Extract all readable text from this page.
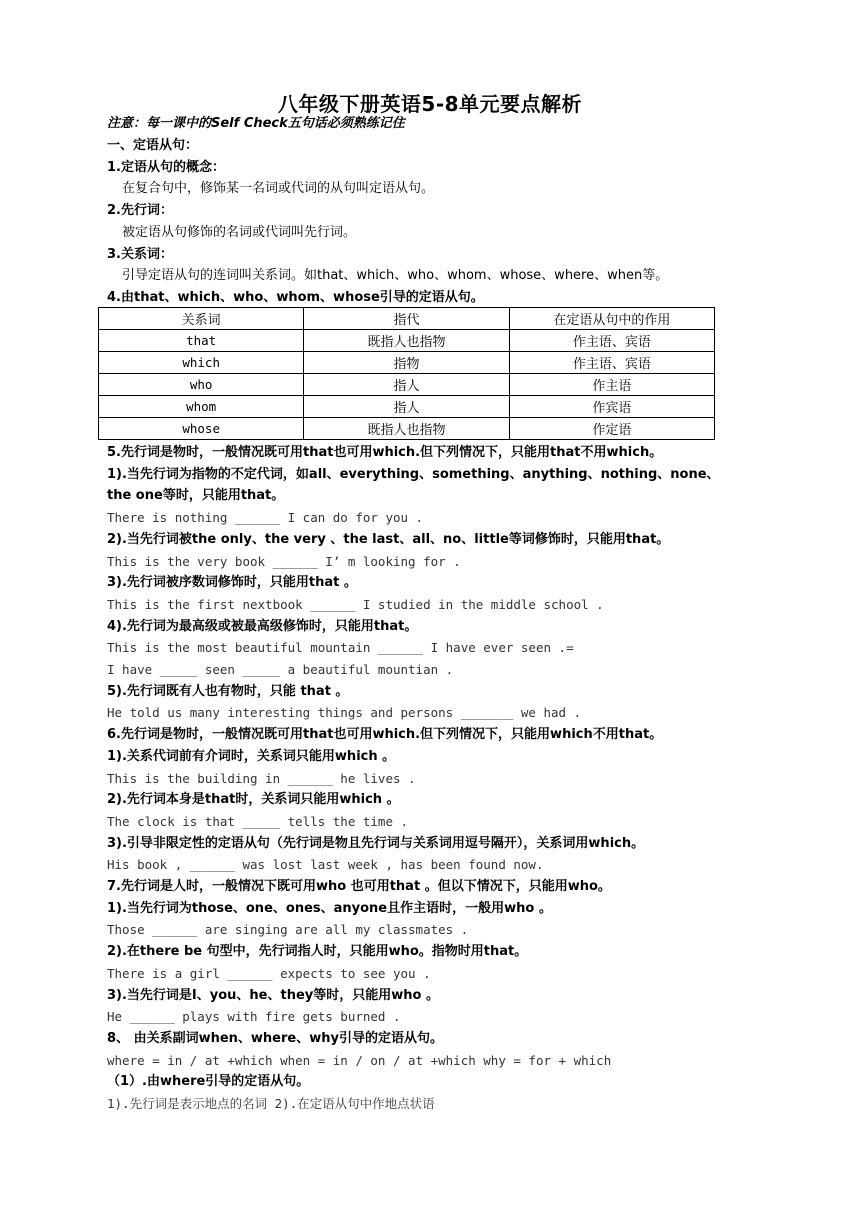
八年级下册英语5-8单元要点解析
注意：每一课中的Self Check五句话必须熟练记住
一、定语从句：
1.定语从句的概念：
在复合句中，修饰某一名词或代词的从句叫定语从句。
2.先行词：
被定语从句修饰的名词或代词叫先行词。
3.关系词：
引导定语从句的连词叫关系词。如that、which、who、whom、whose、where、when等。
4.由that、which、who、whom、whose引导的定语从句。
关系词	指代	在定语从句中的作用
that	既指人也指物	作主语、宾语
which	指物	作主语、宾语
who	指人	作主语
whom	指人	作宾语
whose	既指人也指物	作定语
5.先行词是物时，一般情况既可用that也可用which.但下列情况下，只能用that不用which。
1).当先行词为指物的不定代词，如all、everything、something、anything、nothing、none、
the one等时，只能用that。
There is nothing ______ I can do for you .
2).当先行词被the only、the very 、the last、all、no、little等词修饰时，只能用that。
This is the very book ______ I’ m looking for .
3).先行词被序数词修饰时，只能用that 。
This is the first nextbook ______ I studied in the middle school .
4).先行词为最高级或被最高级修饰时，只能用that。
This is the most beautiful mountain ______ I have ever seen .=
I have _____ seen _____ a beautiful mountian .
5).先行词既有人也有物时，只能 that 。
He told us many interesting things and persons _______ we had .
6.先行词是物时，一般情况既可用that也可用which.但下列情况下，只能用which不用that。
1).关系代词前有介词时，关系词只能用which 。
This is the building in ______ he lives .
2).先行词本身是that时，关系词只能用which 。
The clock is that _____ tells the time .
3).引导非限定性的定语从句（先行词是物且先行词与关系词用逗号隔开），关系词用which。
His book , ______ was lost last week , has been found now.
7.先行词是人时，一般情况下既可用who 也可用that 。但以下情况下，只能用who。
1).当先行词为those、one、ones、anyone且作主语时，一般用who 。
Those ______ are singing are all my classmates .
2).在there be 句型中，先行词指人时，只能用who。指物时用that。
There is a girl ______ expects to see you .
3).当先行词是I、you、he、they等时，只能用who 。
He ______ plays with fire gets burned .
8、 由关系副词when、where、why引导的定语从句。
where = in / at +which when = in / on / at +which why = for + which
（1）.由where引导的定语从句。
1).先行词是表示地点的名词 2).在定语从句中作地点状语
